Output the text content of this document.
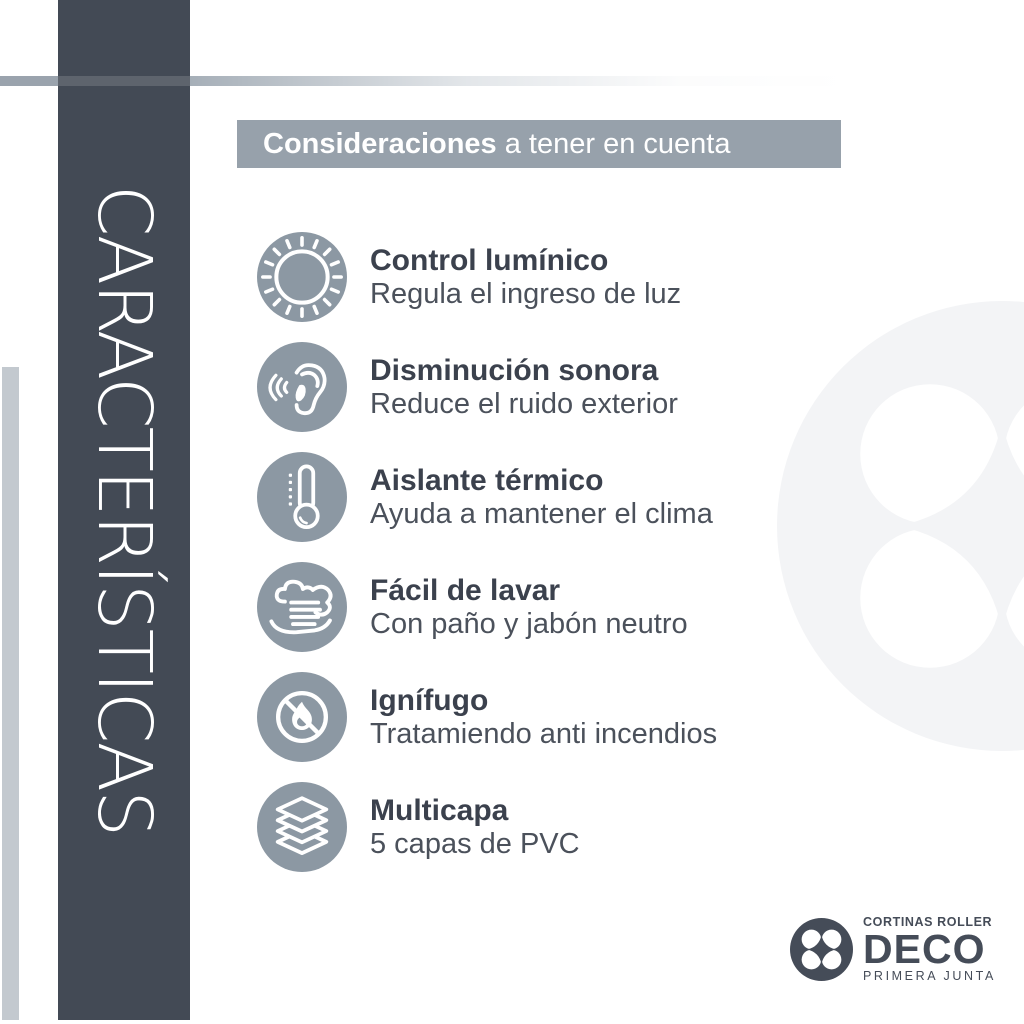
CARACTERÍSTICAS
Consideraciones a tener en cuenta
Control lumínico
Regula el ingreso de luz
Disminución sonora
Reduce el ruido exterior
Aislante térmico
Ayuda a mantener el clima
Fácil de lavar
Con paño y jabón neutro
Ignífugo
Tratamiendo anti incendios
Multicapa
5 capas de PVC
CORTINAS ROLLER
DECO
PRIMERA JUNTA
